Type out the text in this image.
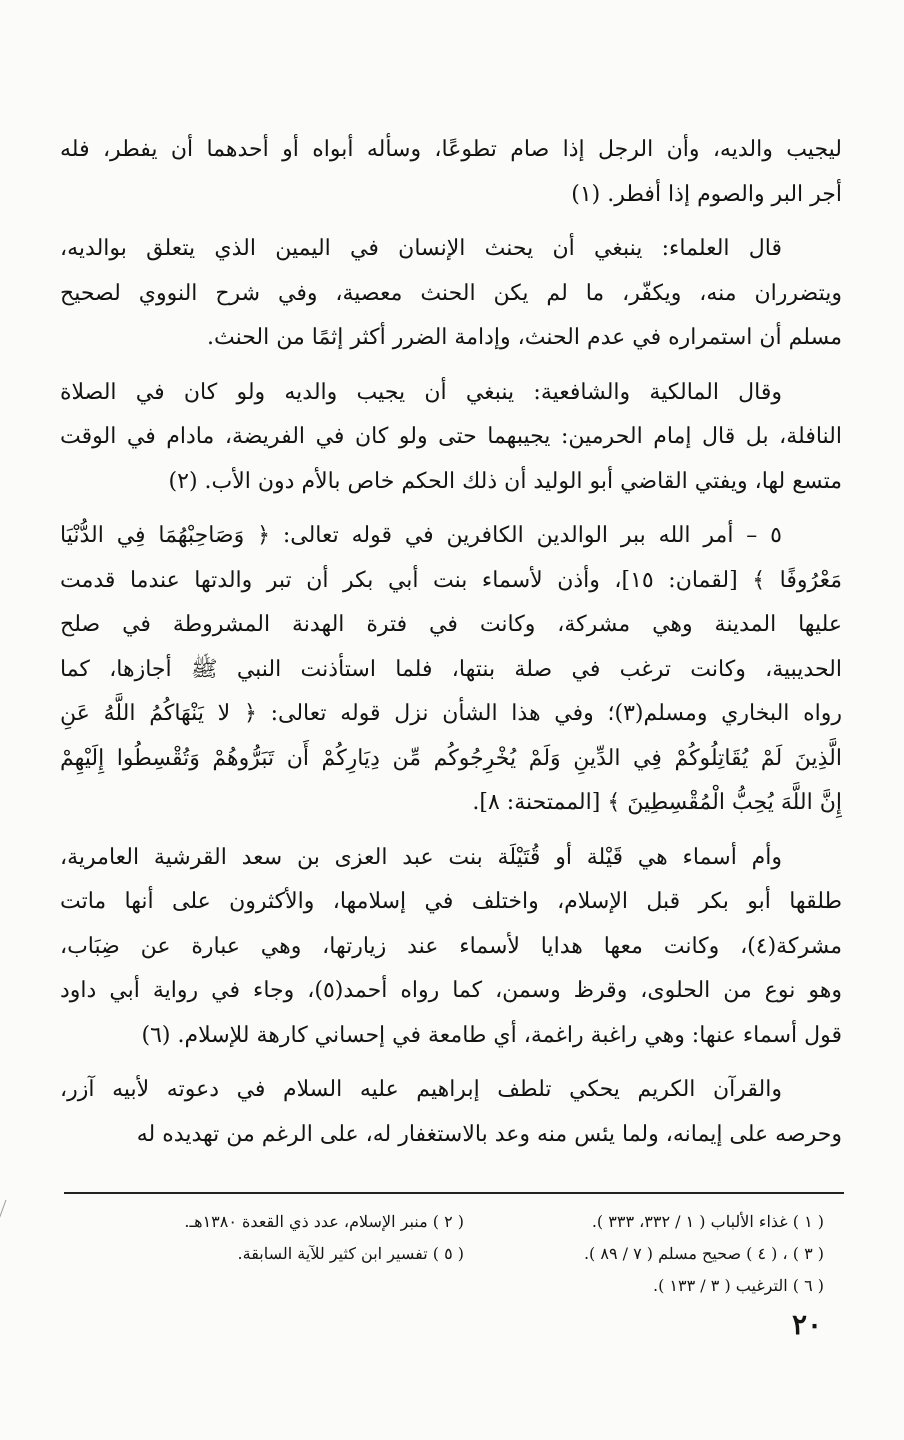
ليجيب والديه، وأن الرجل إذا صام تطوعًا، وسأله أبواه أو أحدهما أن يفطر، فله
أجر البر والصوم إذا أفطر. (١)
قال العلماء: ينبغي أن يحنث الإنسان في اليمين الذي يتعلق بوالديه،
ويتضرران منه، ويكفّر، ما لم يكن الحنث معصية، وفي شرح النووي لصحيح
مسلم أن استمراره في عدم الحنث، وإدامة الضرر أكثر إثمًا من الحنث.
وقال المالكية والشافعية: ينبغي أن يجيب والديه ولو كان في الصلاة
النافلة، بل قال إمام الحرمين: يجيبهما حتى ولو كان في الفريضة، مادام في الوقت
متسع لها، ويفتي القاضي أبو الوليد أن ذلك الحكم خاص بالأم دون الأب. (٢)
٥ – أمر الله ببر الوالدين الكافرين في قوله تعالى: ﴿ وَصَاحِبْهُمَا فِي الدُّنْيَا
مَعْرُوفًا ﴾ [لقمان: ١٥]، وأذن لأسماء بنت أبي بكر أن تبر والدتها عندما قدمت
عليها المدينة وهي مشركة، وكانت في فترة الهدنة المشروطة في صلح
الحديبية، وكانت ترغب في صلة بنتها، فلما استأذنت النبي ﷺ أجازها، كما
رواه البخاري ومسلم(٣)؛ وفي هذا الشأن نزل قوله تعالى: ﴿ لا يَنْهَاكُمُ اللَّهُ عَنِ
الَّذِينَ لَمْ يُقَاتِلُوكُمْ فِي الدِّينِ وَلَمْ يُخْرِجُوكُم مِّن دِيَارِكُمْ أَن تَبَرُّوهُمْ وَتُقْسِطُوا إِلَيْهِمْ
إِنَّ اللَّهَ يُحِبُّ الْمُقْسِطِينَ ﴾ [الممتحنة: ٨].
وأم أسماء هي قَيْلة أو قُتَيْلَة بنت عبد العزى بن سعد القرشية العامرية،
طلقها أبو بكر قبل الإسلام، واختلف في إسلامها، والأكثرون على أنها ماتت
مشركة(٤)، وكانت معها هدايا لأسماء عند زيارتها، وهي عبارة عن ضِبَاب،
وهو نوع من الحلوى، وقرظ وسمن، كما رواه أحمد(٥)، وجاء في رواية أبي داود
قول أسماء عنها: وهي راغبة راغمة، أي طامعة في إحساني كارهة للإسلام. (٦)
والقرآن الكريم يحكي تلطف إبراهيم عليه السلام في دعوته لأبيه آزر،
وحرصه على إيمانه، ولما يئس منه وعد بالاستغفار له، على الرغم من تهديده له
( ١ ) غذاء الألباب ( ١ / ٣٣٢، ٣٣٣ ).
( ٢ ) منبر الإسلام، عدد ذي القعدة ١٣٨٠هـ.
( ٣ ) ، ( ٤ ) صحيح مسلم ( ٧ / ٨٩ ).
( ٥ ) تفسير ابن كثير للآية السابقة.
( ٦ ) الترغيب ( ٣ / ١٣٣ ).
٢٠
